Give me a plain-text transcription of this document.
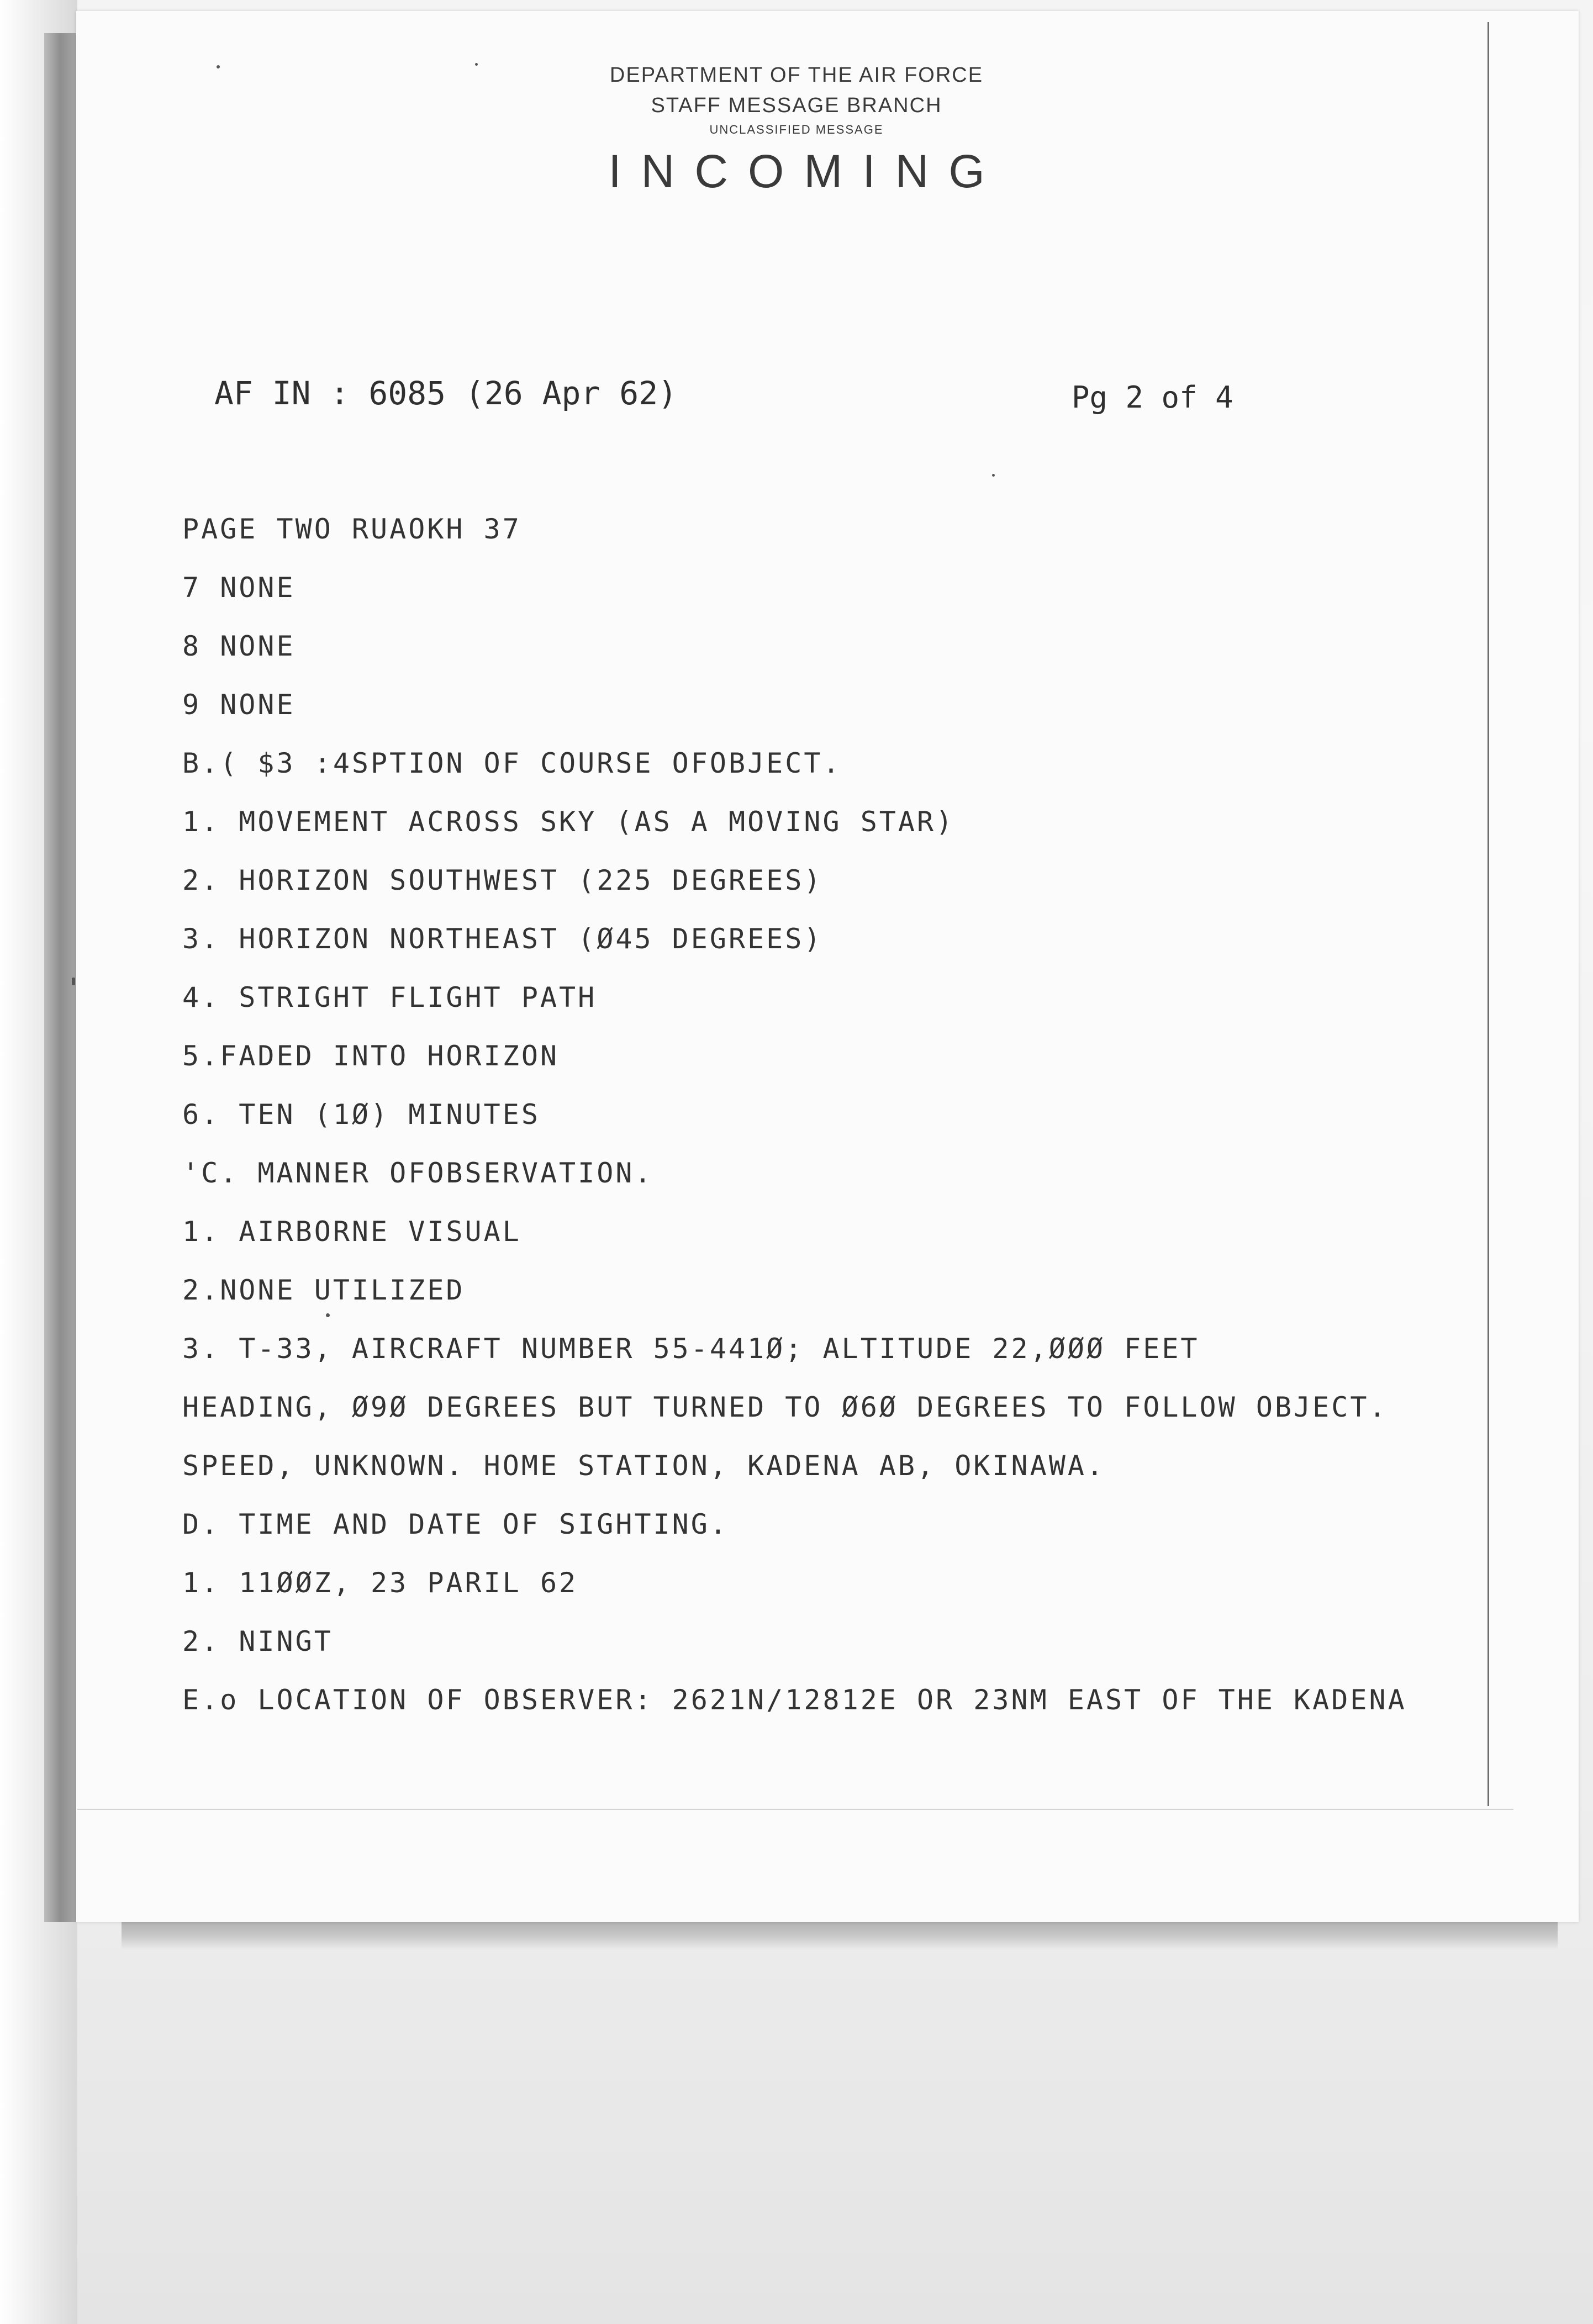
DEPARTMENT OF THE AIR FORCE
STAFF MESSAGE BRANCH
UNCLASSIFIED MESSAGE
INCOMING
AF IN : 6085 (26 Apr 62)	Pg 2 of 4
PAGE TWO RUAOKH 37
7 NONE
8 NONE
9 NONE
B.( $3 :4SPTION OF COURSE OFOBJECT.
1. MOVEMENT ACROSS SKY (AS A MOVING STAR)
2. HORIZON SOUTHWEST (225 DEGREES)
3. HORIZON NORTHEAST (Ø45 DEGREES)
4. STRIGHT FLIGHT PATH
5.FADED INTO HORIZON
6. TEN (1Ø) MINUTES
'C. MANNER OFOBSERVATION.
1. AIRBORNE VISUAL
2.NONE UTILIZED
3. T-33, AIRCRAFT NUMBER 55-441Ø; ALTITUDE 22,ØØØ FEET
HEADING, Ø9Ø DEGREES BUT TURNED TO Ø6Ø DEGREES TO FOLLOW OBJECT.
SPEED, UNKNOWN. HOME STATION, KADENA AB, OKINAWA.
D. TIME AND DATE OF SIGHTING.
1. 11ØØZ, 23 PARIL 62
2. NINGT
E.o LOCATION OF OBSERVER: 2621N/12812E OR 23NM EAST OF THE KADENA
